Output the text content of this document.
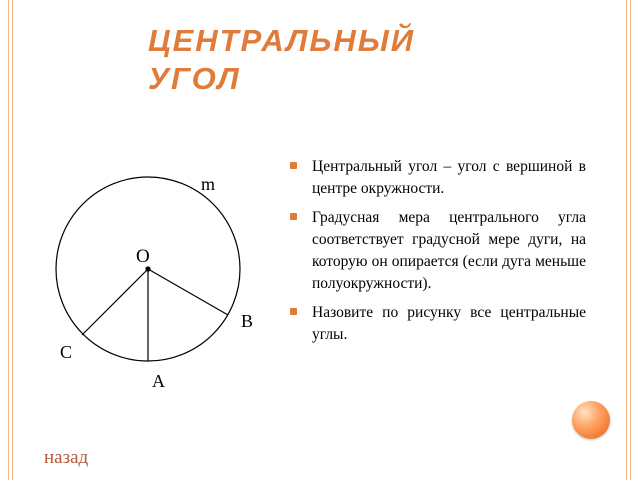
ЦЕНТРАЛЬНЫЙ
УГОЛ
O
m
A
B
C
Центральный угол – угол с вершиной в центре окружности.
Градусная мера центрального угла соответствует градусной мере дуги, на которую он опирается (если дуга меньше полуокружности).
Назовите по рисунку все центральные углы.
назад
